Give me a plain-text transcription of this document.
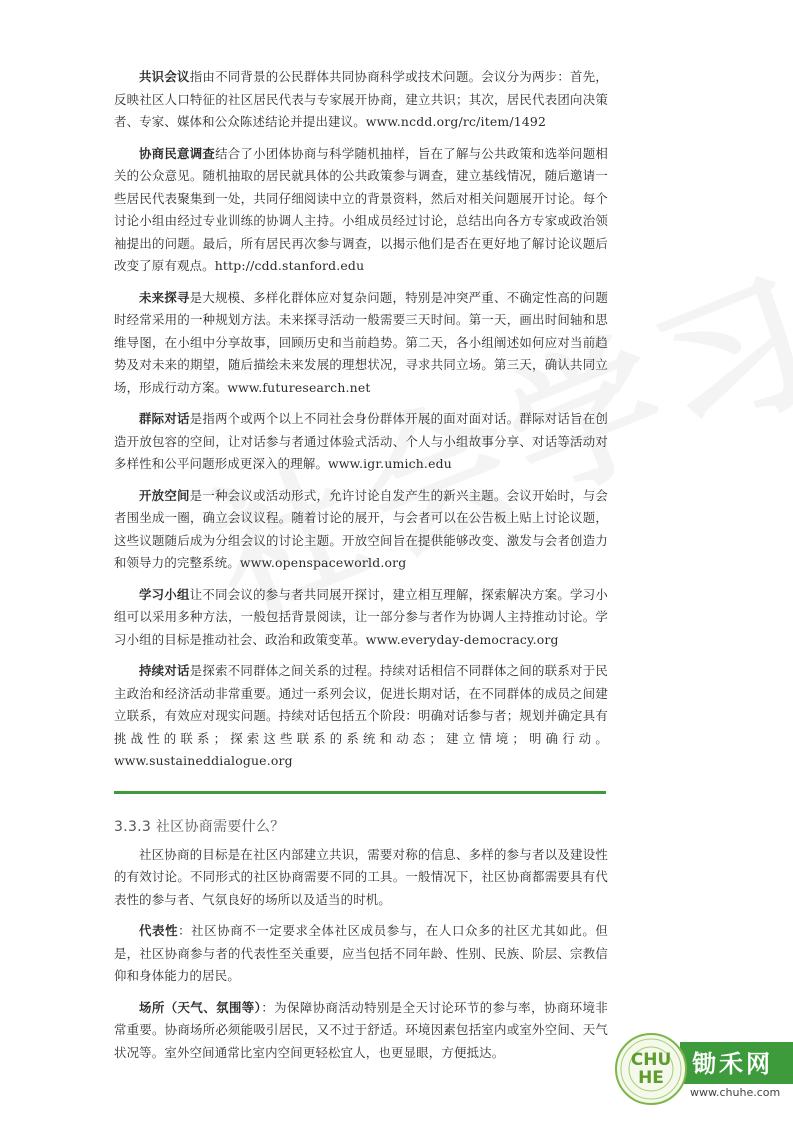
共识会议指由不同背景的公民群体共同协商科学或技术问题。会议分为两步：首先，反映社区人口特征的社区居民代表与专家展开协商，建立共识；其次，居民代表团向决策者、专家、媒体和公众陈述结论并提出建议。www.ncdd.org/rc/item/1492

协商民意调查结合了小团体协商与科学随机抽样，旨在了解与公共政策和选举问题相关的公众意见。随机抽取的居民就具体的公共政策参与调查，建立基线情况，随后邀请一些居民代表聚集到一处，共同仔细阅读中立的背景资料，然后对相关问题展开讨论。每个讨论小组由经过专业训练的协调人主持。小组成员经过讨论，总结出向各方专家或政治领袖提出的问题。最后，所有居民再次参与调查，以揭示他们是否在更好地了解讨论议题后改变了原有观点。http://cdd.stanford.edu

未来探寻是大规模、多样化群体应对复杂问题，特别是冲突严重、不确定性高的问题时经常采用的一种规划方法。未来探寻活动一般需要三天时间。第一天，画出时间轴和思维导图，在小组中分享故事，回顾历史和当前趋势。第二天，各小组阐述如何应对当前趋势及对未来的期望，随后描绘未来发展的理想状况，寻求共同立场。第三天，确认共同立场，形成行动方案。www.futuresearch.net

群际对话是指两个或两个以上不同社会身份群体开展的面对面对话。群际对话旨在创造开放包容的空间，让对话参与者通过体验式活动、个人与小组故事分享、对话等活动对多样性和公平问题形成更深入的理解。www.igr.umich.edu

开放空间是一种会议或活动形式，允许讨论自发产生的新兴主题。会议开始时，与会者围坐成一圈，确立会议议程。随着讨论的展开，与会者可以在公告板上贴上讨论议题，这些议题随后成为分组会议的讨论主题。开放空间旨在提供能够改变、激发与会者创造力和领导力的完整系统。www.openspaceworld.org

学习小组让不同会议的参与者共同展开探讨，建立相互理解，探索解决方案。学习小组可以采用多种方法，一般包括背景阅读，让一部分参与者作为协调人主持推动讨论。学习小组的目标是推动社会、政治和政策变革。www.everyday-democracy.org

持续对话是探索不同群体之间关系的过程。持续对话相信不同群体之间的联系对于民主政治和经济活动非常重要。通过一系列会议，促进长期对话，在不同群体的成员之间建立联系，有效应对现实问题。持续对话包括五个阶段：明确对话参与者；规划并确定具有挑战性的联系；探索这些联系的系统和动态；建立情境；明确行动。www.sustaineddialogue.org

3.3.3 社区协商需要什么？

社区协商的目标是在社区内部建立共识，需要对称的信息、多样的参与者以及建设性的有效讨论。不同形式的社区协商需要不同的工具。一般情况下，社区协商都需要具有代表性的参与者、气氛良好的场所以及适当的时机。

代表性：社区协商不一定要求全体社区成员参与，在人口众多的社区尤其如此。但是，社区协商参与者的代表性至关重要，应当包括不同年龄、性别、民族、阶层、宗教信仰和身体能力的居民。

场所（天气、氛围等）：为保障协商活动特别是全天讨论环节的参与率，协商环境非常重要。协商场所必须能吸引居民，又不过于舒适。环境因素包括室内或室外空间、天气状况等。室外空间通常比室内空间更轻松宜人，也更显眼，方便抵达。	CHU
HE	锄禾网
www.chuhe.com
